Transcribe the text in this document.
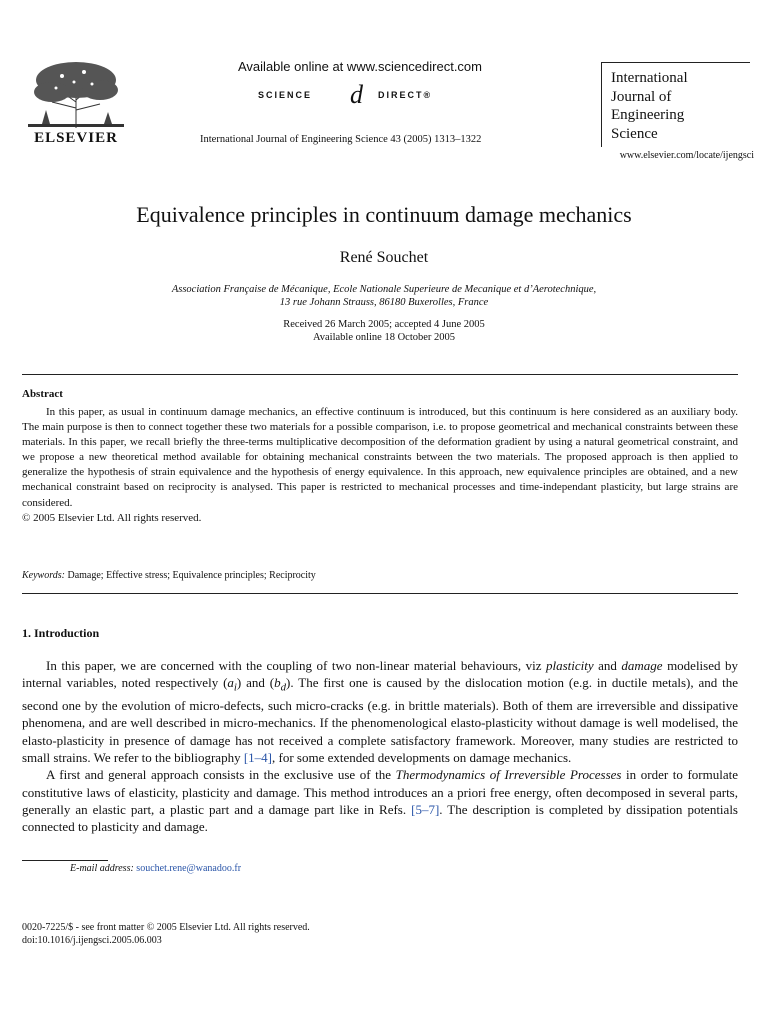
ELSEVIER
Available online at www.sciencedirect.com
SCIENCE d DIRECT®
International Journal of Engineering Science 43 (2005) 1313–1322
International
Journal of
Engineering
Science
www.elsevier.com/locate/ijengsci
Equivalence principles in continuum damage mechanics
René Souchet
Association Française de Mécanique, Ecole Nationale Superieure de Mecanique et d’Aerotechnique,
13 rue Johann Strauss, 86180 Buxerolles, France
Received 26 March 2005; accepted 4 June 2005
Available online 18 October 2005
Abstract

In this paper, as usual in continuum damage mechanics, an effective continuum is introduced, but this continuum is here considered as an auxiliary body. The main purpose is then to connect together these two materials for a possible comparison, i.e. to propose geometrical and mechanical constraints between these materials. In this paper, we recall briefly the three-terms multiplicative decomposition of the deformation gradient by using a natural geometrical constraint, and we propose a new theoretical method available for obtaining mechanical constraints between the two materials. The proposed approach is then applied to generalize the hypothesis of strain equivalence and the hypothesis of energy equivalence. In this approach, new equivalence principles are obtained, and a new mechanical constraint based on reciprocity is analysed. This paper is restricted to mechanical processes and time-independant plasticity, but large strains are considered.

© 2005 Elsevier Ltd. All rights reserved.

Keywords: Damage; Effective stress; Equivalence principles; Reciprocity
1. Introduction

In this paper, we are concerned with the coupling of two non-linear material behaviours, viz plasticity and damage modelised by internal variables, noted respectively $(a_i)$ and $(b_d)$. The first one is caused by the dislocation motion (e.g. in ductile metals), and the second one by the evolution of micro-defects, such micro-cracks (e.g. in brittle materials). Both of them are irreversible and dissipative phenomena, and are well described in micro-mechanics. If the phenomenological elasto-plasticity without damage is well modelised, the elasto-plasticity in presence of damage has not received a complete satisfactory framework. Moreover, many studies are restricted to small strains. We refer to the bibliography [1–4], for some extended developments on damage mechanics.

A first and general approach consists in the exclusive use of the Thermodynamics of Irreversible Processes in order to formulate constitutive laws of elasticity, plasticity and damage. This method introduces an a priori free energy, often decomposed in several parts, generally an elastic part, a plastic part and a damage part like in Refs. [5–7]. The description is completed by dissipation potentials connected to plasticity and damage.

E-mail address: souchet.rene@wanadoo.fr
0020-7225/$ - see front matter © 2005 Elsevier Ltd. All rights reserved.
doi:10.1016/j.ijengsci.2005.06.003
